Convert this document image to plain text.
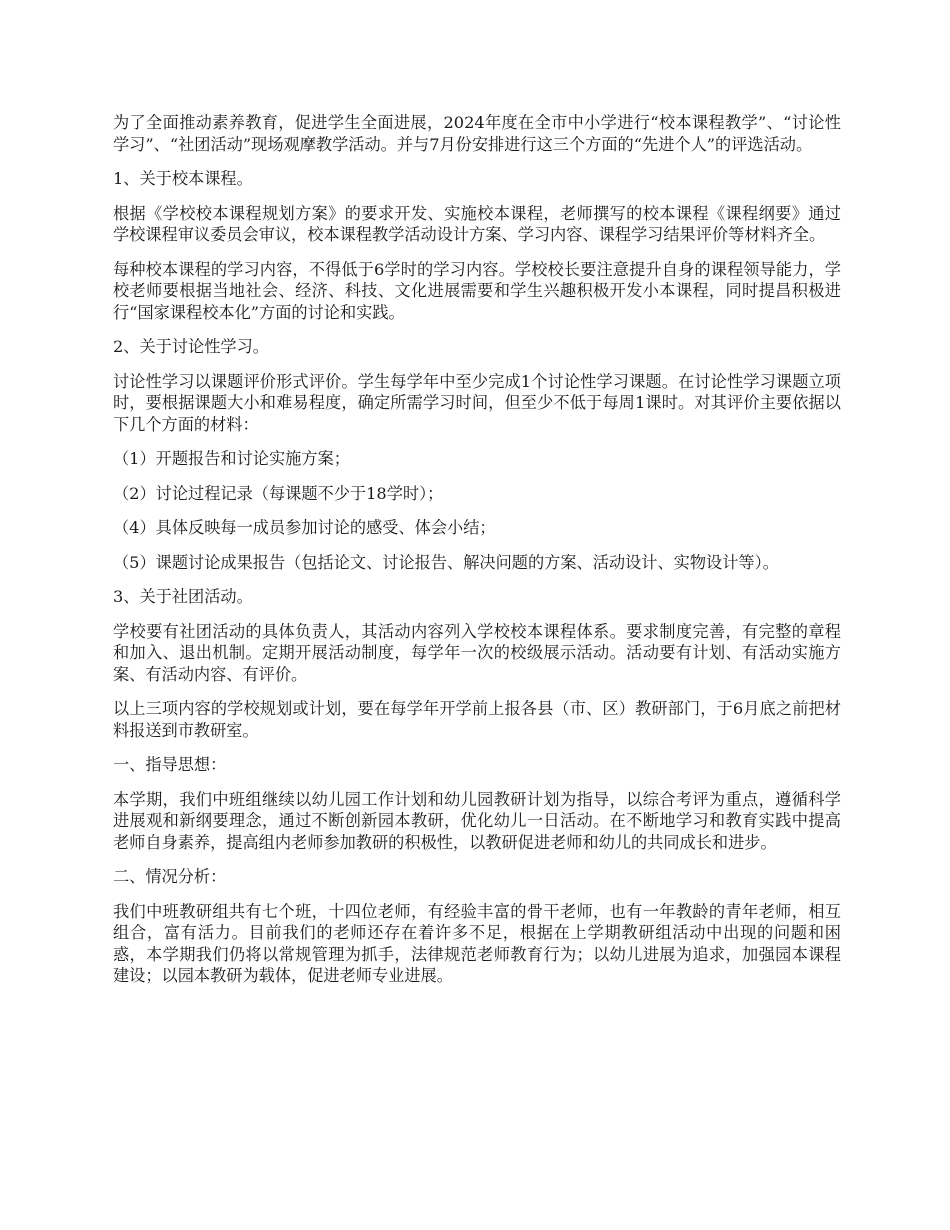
为了全面推动素养教育，促进学生全面进展，2024年度在全市中小学进行“校本课程教学”、“讨论性学习”、“社团活动”现场观摩教学活动。并与7月份安排进行这三个方面的“先进个人”的评选活动。

1、关于校本课程。

根据《学校校本课程规划方案》的要求开发、实施校本课程，老师撰写的校本课程《课程纲要》通过学校课程审议委员会审议，校本课程教学活动设计方案、学习内容、课程学习结果评价等材料齐全。

每种校本课程的学习内容，不得低于6学时的学习内容。学校校长要注意提升自身的课程领导能力，学校老师要根据当地社会、经济、科技、文化进展需要和学生兴趣积极开发小本课程，同时提昌积极进行“国家课程校本化”方面的讨论和实践。

2、关于讨论性学习。

讨论性学习以课题评价形式评价。学生每学年中至少完成1个讨论性学习课题。在讨论性学习课题立项时，要根据课题大小和难易程度，确定所需学习时间，但至少不低于每周1课时。对其评价主要依据以下几个方面的材料：

（1）开题报告和讨论实施方案；

（2）讨论过程记录（每课题不少于18学时）；

（4）具体反映每一成员参加讨论的感受、体会小结；

（5）课题讨论成果报告（包括论文、讨论报告、解决问题的方案、活动设计、实物设计等）。

3、关于社团活动。

学校要有社团活动的具体负责人，其活动内容列入学校校本课程体系。要求制度完善，有完整的章程和加入、退出机制。定期开展活动制度，每学年一次的校级展示活动。活动要有计划、有活动实施方案、有活动内容、有评价。

以上三项内容的学校规划或计划，要在每学年开学前上报各县（市、区）教研部门，于6月底之前把材料报送到市教研室。

一、指导思想：

本学期，我们中班组继续以幼儿园工作计划和幼儿园教研计划为指导，以综合考评为重点，遵循科学进展观和新纲要理念，通过不断创新园本教研，优化幼儿一日活动。在不断地学习和教育实践中提高老师自身素养，提高组内老师参加教研的积极性，以教研促进老师和幼儿的共同成长和进步。

二、情况分析：

我们中班教研组共有七个班，十四位老师，有经验丰富的骨干老师，也有一年教龄的青年老师，相互组合，富有活力。目前我们的老师还存在着许多不足，根据在上学期教研组活动中出现的问题和困惑，本学期我们仍将以常规管理为抓手，法律规范老师教育行为；以幼儿进展为追求，加强园本课程建设；以园本教研为载体，促进老师专业进展。
